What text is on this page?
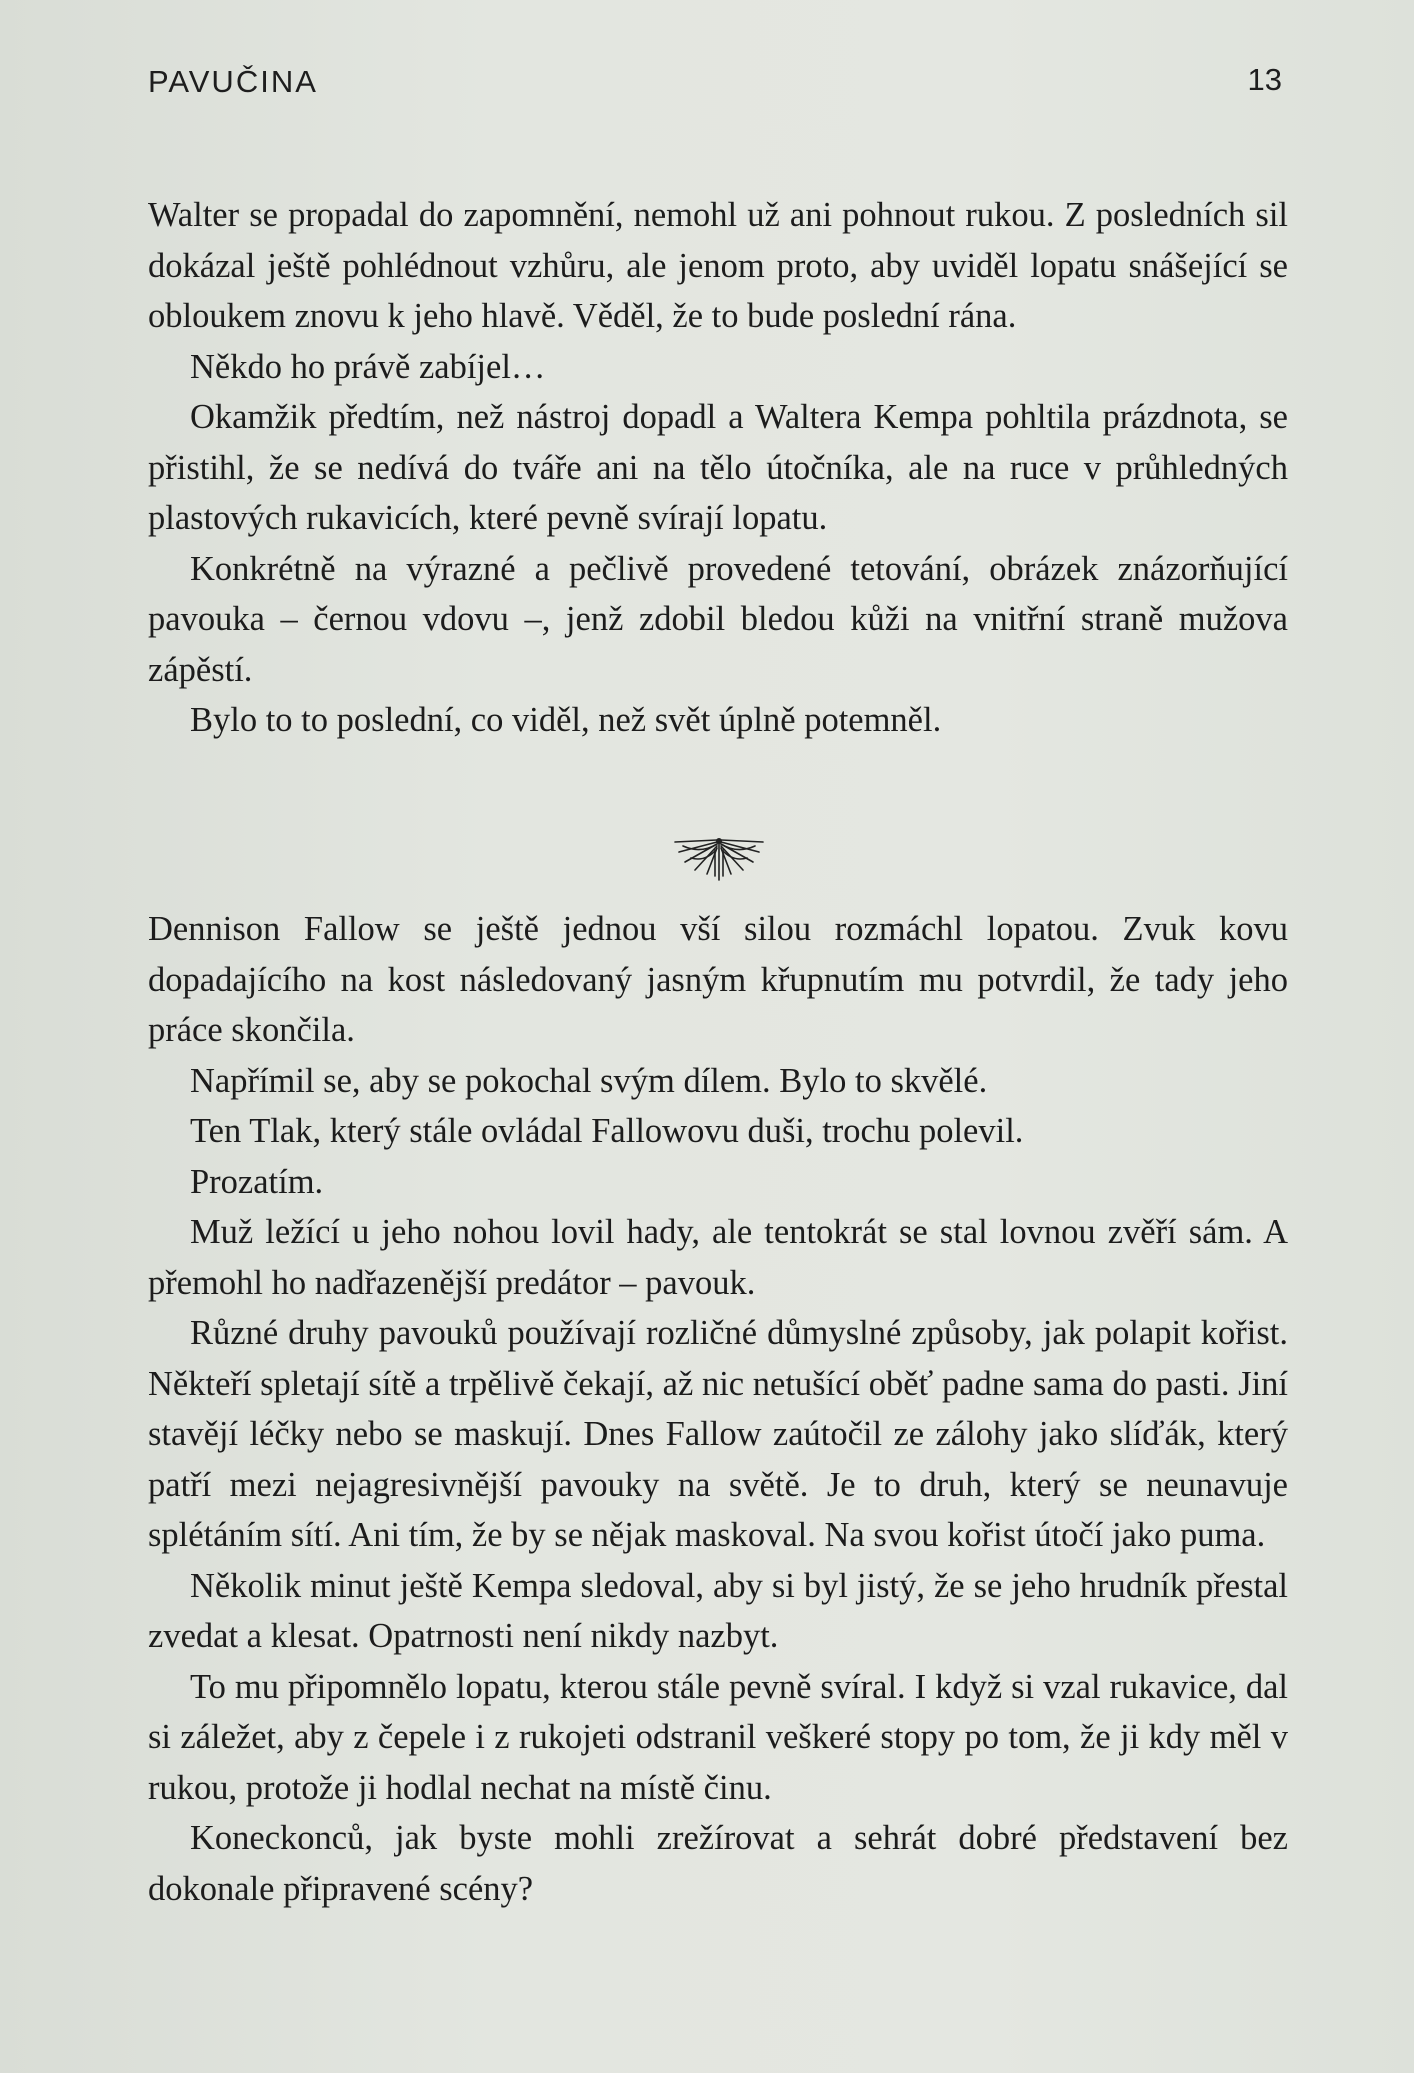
PAVUČINA	13

Walter se propadal do zapomnění, nemohl už ani pohnout rukou. Z posledních sil dokázal ještě pohlédnout vzhůru, ale jenom proto, aby uviděl lopatu snášející se obloukem znovu k jeho hlavě. Věděl, že to bude poslední rána.

Někdo ho právě zabíjel…

Okamžik předtím, než nástroj dopadl a Waltera Kempa pohltila prázdnota, se přistihl, že se nedívá do tváře ani na tělo útočníka, ale na ruce v průhledných plastových rukavicích, které pevně svírají lopatu.

Konkrétně na výrazné a pečlivě provedené tetování, obrázek znázorňující pavouka – černou vdovu –, jenž zdobil bledou kůži na vnitřní straně mužova zápěstí.

Bylo to to poslední, co viděl, než svět úplně potemněl.

Dennison Fallow se ještě jednou vší silou rozmáchl lopatou. Zvuk kovu dopadajícího na kost následovaný jasným křupnutím mu potvrdil, že tady jeho práce skončila.

Napřímil se, aby se pokochal svým dílem. Bylo to skvělé.

Ten Tlak, který stále ovládal Fallowovu duši, trochu polevil.

Prozatím.

Muž ležící u jeho nohou lovil hady, ale tentokrát se stal lovnou zvěří sám. A přemohl ho nadřazenější predátor – pavouk.

Různé druhy pavouků používají rozličné důmyslné způsoby, jak polapit kořist. Někteří spletají sítě a trpělivě čekají, až nic netušící oběť padne sama do pasti. Jiní stavějí léčky nebo se maskují. Dnes Fallow zaútočil ze zálohy jako slíďák, který patří mezi nejagresivnější pavouky na světě. Je to druh, který se neunavuje splétáním sítí. Ani tím, že by se nějak maskoval. Na svou kořist útočí jako puma.

Několik minut ještě Kempa sledoval, aby si byl jistý, že se jeho hrudník přestal zvedat a klesat. Opatrnosti není nikdy nazbyt.

To mu připomnělo lopatu, kterou stále pevně svíral. I když si vzal rukavice, dal si záležet, aby z čepele i z rukojeti odstranil veškeré stopy po tom, že ji kdy měl v rukou, protože ji hodlal nechat na místě činu.

Koneckonců, jak byste mohli zrežírovat a sehrát dobré představení bez dokonale připravené scény?
